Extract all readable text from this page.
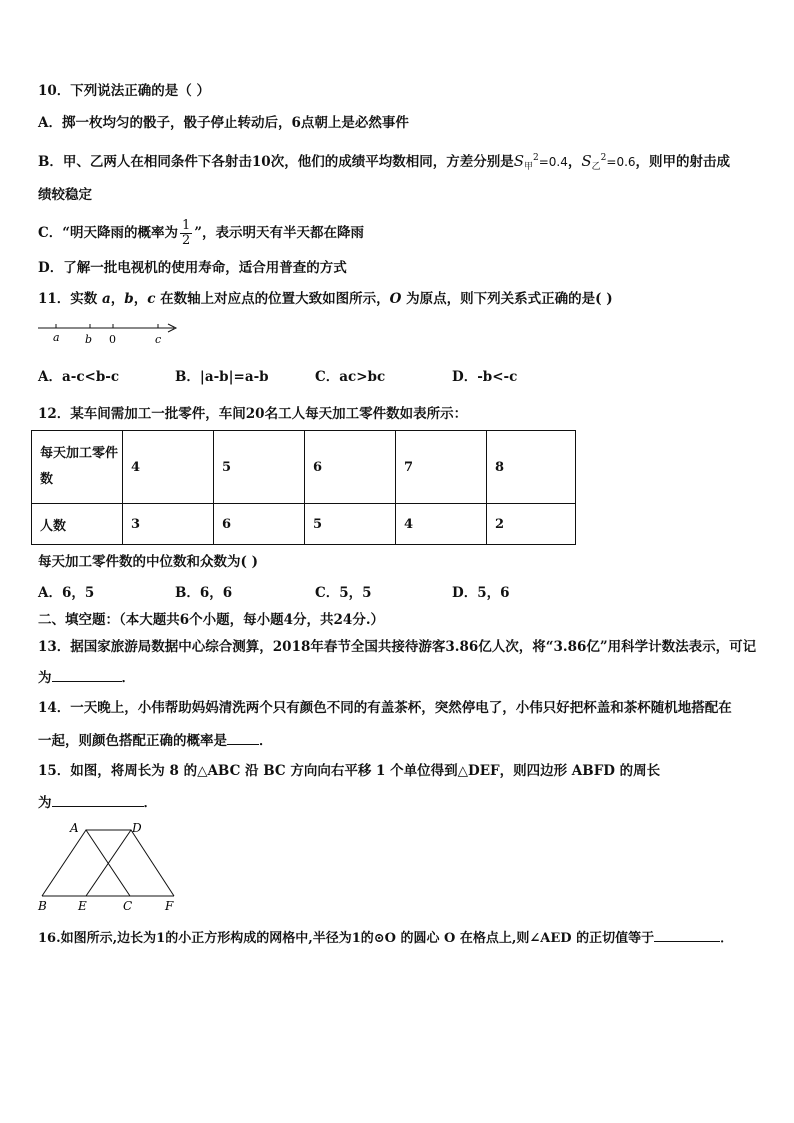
10．下列说法正确的是（ ）
A．掷一枚均匀的骰子，骰子停止转动后，6点朝上是必然事件
B．甲、乙两人在相同条件下各射击10次，他们的成绩平均数相同，方差分别是$S_甲^2=0.4$，$S_乙^2=0.6$，则甲的射击成
绩较稳定
C．“明天降雨的概率为 $\frac{1}{2}$ ”，表示明天有半天都在降雨
D．了解一批电视机的使用寿命，适合用普查的方式
11．实数 a，b，c 在数轴上对应点的位置大致如图所示，O 为原点，则下列关系式正确的是( )
a b 0	c
A．a-c<b-c	B．|a-b|=a-b	C．ac>bc	D．-b<-c
12．某车间需加工一批零件，车间20名工人每天加工零件数如表所示：
每天加工零件数	4	5	6	7	8
人数	3	6	5	4	2
每天加工零件数的中位数和众数为( )
A．6，5	B．6，6	C．5，5	D．5，6
二、填空题：（本大题共6个小题，每小题4分，共24分.）
13．据国家旅游局数据中心综合测算，2018年春节全国共接待游客3.86亿人次，将“3.86亿”用科学计数法表示，可记
为	．
14．一天晚上，小伟帮助妈妈清洗两个只有颜色不同的有盖茶杯，突然停电了，小伟只好把杯盖和茶杯随机地搭配在
一起，则颜色搭配正确的概率是 ．
15．如图，将周长为 8 的△ABC 沿 BC 方向向右平移 1 个单位得到△DEF，则四边形 ABFD 的周长
为	．
A	D
B	E	C	F
16.如图所示,边长为1的小正方形构成的网格中,半径为1的⊙O 的圆心 O 在格点上,则∠AED 的正切值等于	．
